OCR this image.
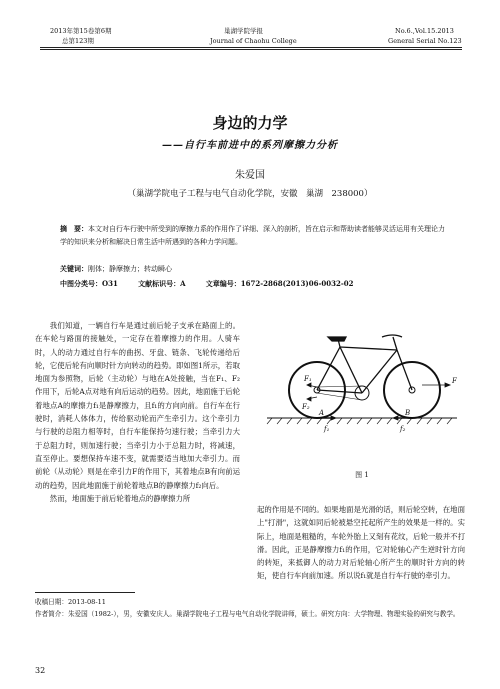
2013年第15卷第6期
总第123期
巢湖学院学报
Journal of Chaohu College
No.6.,Vol.15.2013
General Serial No.123
身边的力学
——自行车前进中的系列摩擦力分析
朱爱国
（巢湖学院电子工程与电气自动化学院，安徽　巢湖　238000）
摘　要：本文对自行车行驶中所受到的摩擦力系的作用作了详细、深入的剖析，旨在启示和帮助读者能够灵活运用有关理论力学的知识来分析和解决日常生活中所遇到的各种力学问题。
关键词：刚体；静摩擦力；转动瞬心
中图分类号：O31	文献标识号：A	文章编号：1672-2868(2013)06-0032-02

我们知道，一辆自行车是通过前后轮子支承在路面上的。在车轮与路面的接触处，一定存在着摩擦力的作用。人骑车时，人的动力通过自行车的曲拐、牙盘、链条、飞轮传递给后轮，它使后轮有向顺时针方向转动的趋势。即如图1所示，若取地面为参照物，后轮（主动轮）与地在A处接触，当在F₁、F₂作用下，后轮A点对地有向后运动的趋势。因此，地面施于后轮着地点A的摩擦力f₁是静摩擦力，且f₁的方向向前。自行车在行驶时，消耗人体体力，传给驱动轮而产生牵引力。这个牵引力与行驶的总阻力相等时，自行车能保持匀速行驶；当牵引力大于总阻力时，则加速行驶；当牵引力小于总阻力时，将减速，直至停止。要想保持车速不变，就需要适当地加大牵引力。而前轮（从动轮）则是在牵引力F的作用下，其着地点B有向前运动的趋势，因此地面施于前轮着地点B的静摩擦力f₂向后。

然而，地面施于前后轮着地点的静摩擦力所

F₁
F₂
F
A	B
f₁	f₂
图 1

起的作用是不同的。如果地面是光滑的话，则后轮空转，在地面上"打滑"，这就如同后轮被悬空托起所产生的效果是一样的。实际上，地面是粗糙的，车轮外胎上又刻有花纹，后轮一般并不打滑。因此，正是静摩擦力f₁的作用，它对轮轴心产生逆时针方向的转矩，来抵御人的动力对后轮轴心所产生的顺时针方向的转矩，使自行车向前加速。所以说f₁就是自行车行驶的牵引力。

收稿日期：2013-08-11
作者简介：朱爱国（1982-），男，安徽安庆人。巢湖学院电子工程与电气自动化学院讲师，硕士。研究方向：大学物理、物理实验的研究与教学。
32
